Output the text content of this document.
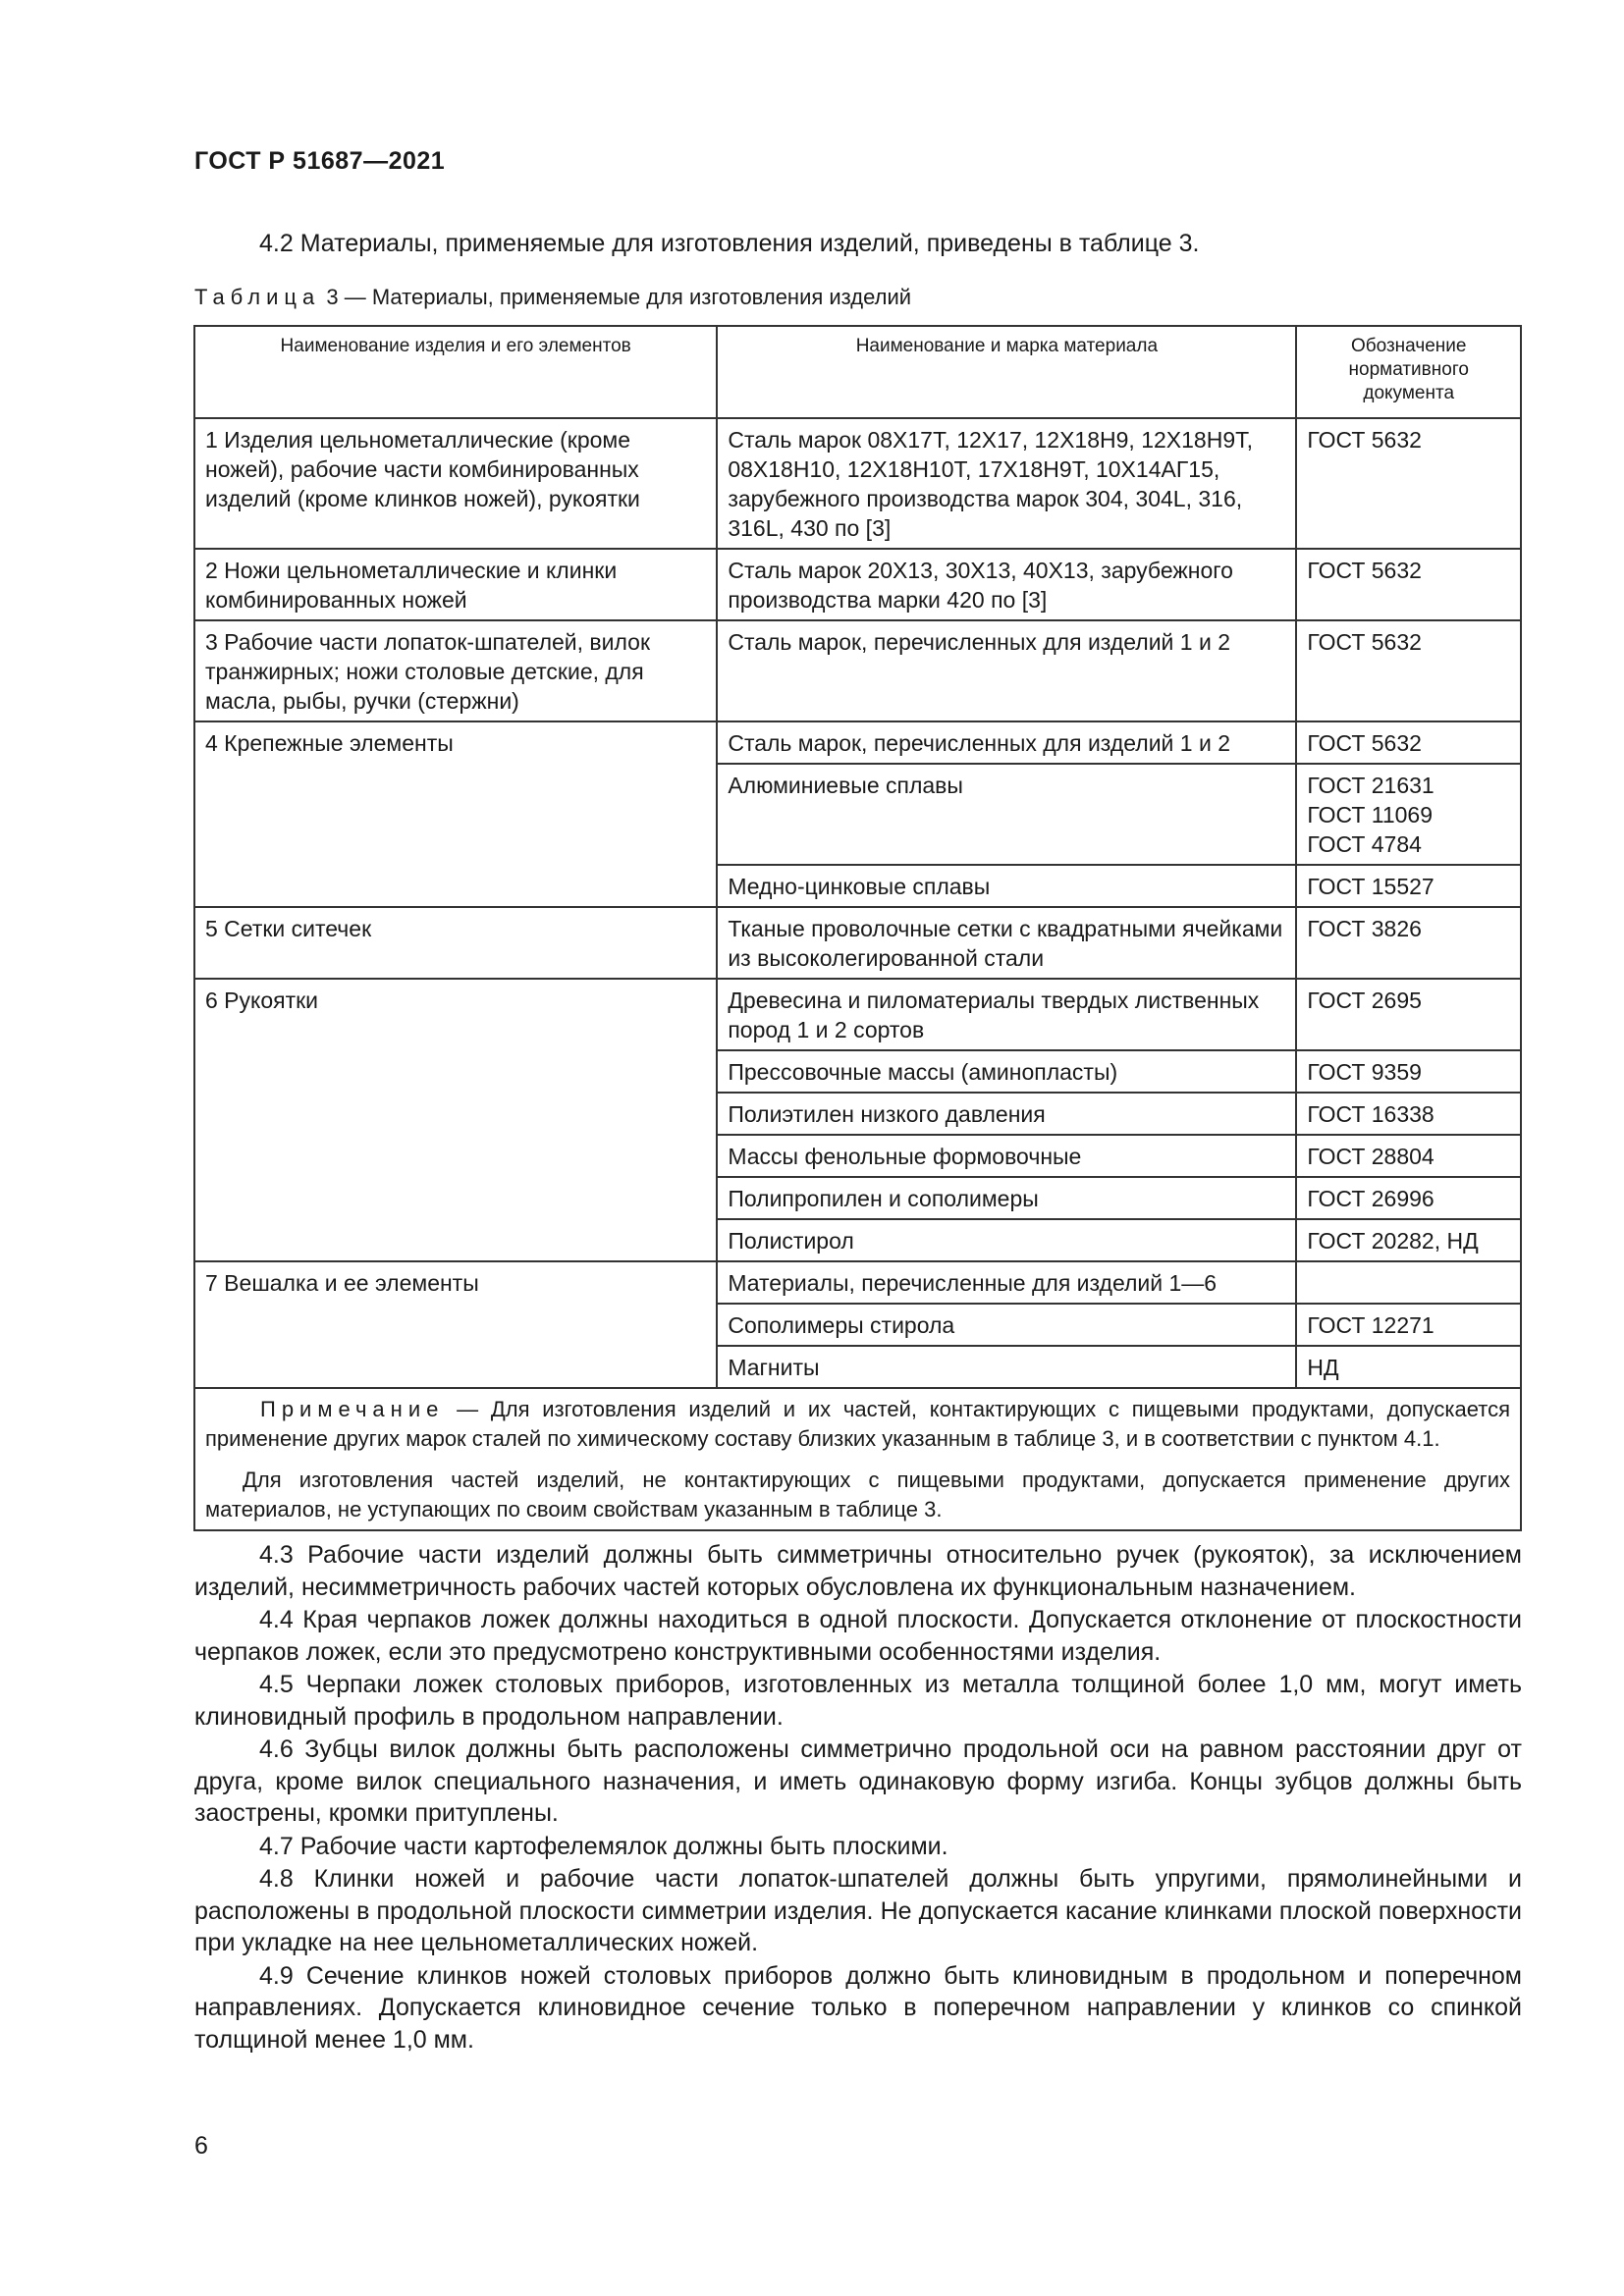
ГОСТ Р 51687—2021
4.2 Материалы, применяемые для изготовления изделий, приведены в таблице 3.
Таблица 3 — Материалы, применяемые для изготовления изделий
Наименование изделия и его элементов	Наименование и марка материала	Обозначение нормативного документа
1 Изделия цельнометаллические (кроме ножей), рабочие части комбинированных изделий (кроме клинков ножей), рукоятки	Сталь марок 08Х17Т, 12Х17, 12Х18Н9, 12Х18Н9Т, 08Х18Н10, 12Х18Н10Т, 17Х18Н9Т, 10Х14АГ15, зарубежного производства марок 304, 304L, 316, 316L, 430 по [3]	ГОСТ 5632
2 Ножи цельнометаллические и клинки комбинированных ножей	Сталь марок 20Х13, 30Х13, 40Х13, зарубежного производства марки 420 по [3]	ГОСТ 5632
3 Рабочие части лопаток-шпателей, вилок транжирных; ножи столовые детские, для масла, рыбы, ручки (стержни)	Сталь марок, перечисленных для изделий 1 и 2	ГОСТ 5632
4 Крепежные элементы	Сталь марок, перечисленных для изделий 1 и 2	ГОСТ 5632
	Алюминиевые сплавы	ГОСТ 21631
ГОСТ 11069
ГОСТ 4784

	Медно-цинковые сплавы	ГОСТ 15527
5 Сетки ситечек	Тканые проволочные сетки с квадратными ячейками из высоколегированной стали	ГОСТ 3826
6 Рукоятки	Древесина и пиломатериалы твердых лиственных пород 1 и 2 сортов	ГОСТ 2695
	Прессовочные массы (аминопласты)	ГОСТ 9359
	Полиэтилен низкого давления	ГОСТ 16338
	Массы фенольные формовочные	ГОСТ 28804
	Полипропилен и сополимеры	ГОСТ 26996
	Полистирол	ГОСТ 20282, НД
7 Вешалка и ее элементы	Материалы, перечисленные для изделий 1—6	
	Сополимеры стирола	ГОСТ 12271
	Магниты	НД

Примечание — Для изготовления изделий и их частей, контактирующих с пищевыми продуктами, допускается применение других марок сталей по химическому составу близких указанным в таблице 3, и в соответствии с пунктом 4.1.

Для изготовления частей изделий, не контактирующих с пищевыми продуктами, допускается применение других материалов, не уступающих по своим свойствам указанным в таблице 3.		

4.3 Рабочие части изделий должны быть симметричны относительно ручек (рукояток), за исключением изделий, несимметричность рабочих частей которых обусловлена их функциональным назначением.

4.4 Края черпаков ложек должны находиться в одной плоскости. Допускается отклонение от плоскостности черпаков ложек, если это предусмотрено конструктивными особенностями изделия.

4.5 Черпаки ложек столовых приборов, изготовленных из металла толщиной более 1,0 мм, могут иметь клиновидный профиль в продольном направлении.

4.6 Зубцы вилок должны быть расположены симметрично продольной оси на равном расстоянии друг от друга, кроме вилок специального назначения, и иметь одинаковую форму изгиба. Концы зубцов должны быть заострены, кромки притуплены.

4.7 Рабочие части картофелемялок должны быть плоскими.

4.8 Клинки ножей и рабочие части лопаток-шпателей должны быть упругими, прямолинейными и расположены в продольной плоскости симметрии изделия. Не допускается касание клинками плоской поверхности при укладке на нее цельнометаллических ножей.

4.9 Сечение клинков ножей столовых приборов должно быть клиновидным в продольном и поперечном направлениях. Допускается клиновидное сечение только в поперечном направлении у клинков со спинкой толщиной менее 1,0 мм.

6
